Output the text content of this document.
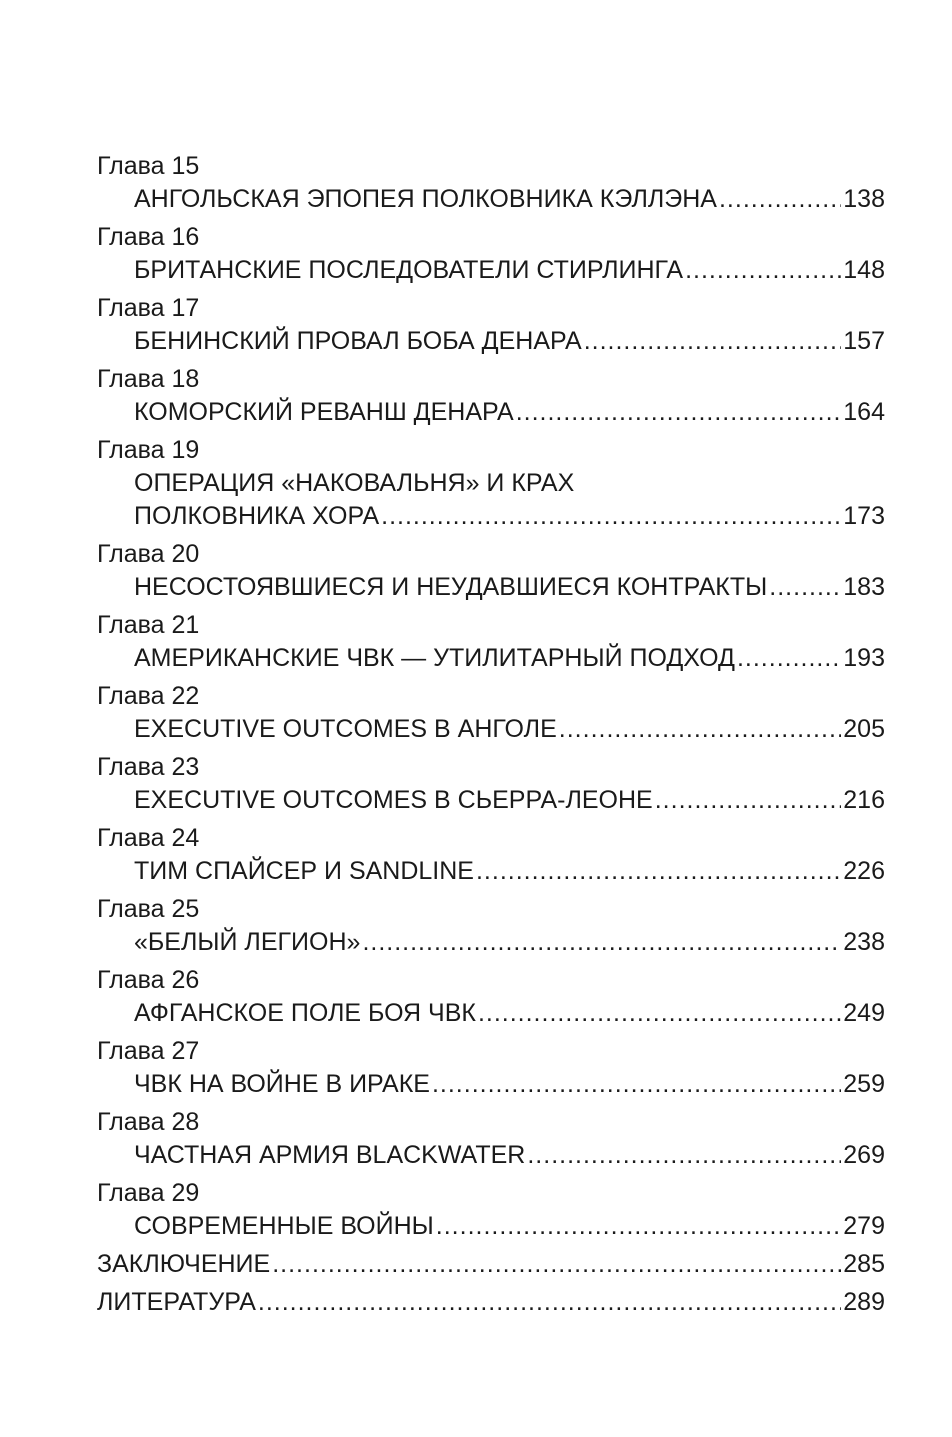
Глава 15
АНГОЛЬСКАЯ ЭПОПЕЯ ПОЛКОВНИКА КЭЛЛЭНА .....	138
Глава 16
БРИТАНСКИЕ ПОСЛЕДОВАТЕЛИ СТИРЛИНГА .....	148
Глава 17
БЕНИНСКИЙ ПРОВАЛ БОБА ДЕНАРА .....	157
Глава 18
КОМОРСКИЙ РЕВАНШ ДЕНАРА .....	164
Глава 19
ОПЕРАЦИЯ «НАКОВАЛЬНЯ» И КРАХ
ПОЛКОВНИКА ХОРА .....	173
Глава 20
НЕСОСТОЯВШИЕСЯ И НЕУДАВШИЕСЯ КОНТРАКТЫ .....	183
Глава 21
АМЕРИКАНСКИЕ ЧВК — УТИЛИТАРНЫЙ ПОДХОД .....	193
Глава 22
EXECUTIVE OUTCOMES В АНГОЛЕ .....	205
Глава 23
EXECUTIVE OUTCOMES В СЬЕРРА-ЛЕОНЕ .....	216
Глава 24
ТИМ СПАЙСЕР И SANDLINE .....	226
Глава 25
«БЕЛЫЙ ЛЕГИОН» .....	238
Глава 26
АФГАНСКОЕ ПОЛЕ БОЯ ЧВК .....	249
Глава 27
ЧВК НА ВОЙНЕ В ИРАКЕ .....	259
Глава 28
ЧАСТНАЯ АРМИЯ BLACKWATER .....	269
Глава 29
СОВРЕМЕННЫЕ ВОЙНЫ .....	279
ЗАКЛЮЧЕНИЕ .....	285
ЛИТЕРАТУРА .....	289
